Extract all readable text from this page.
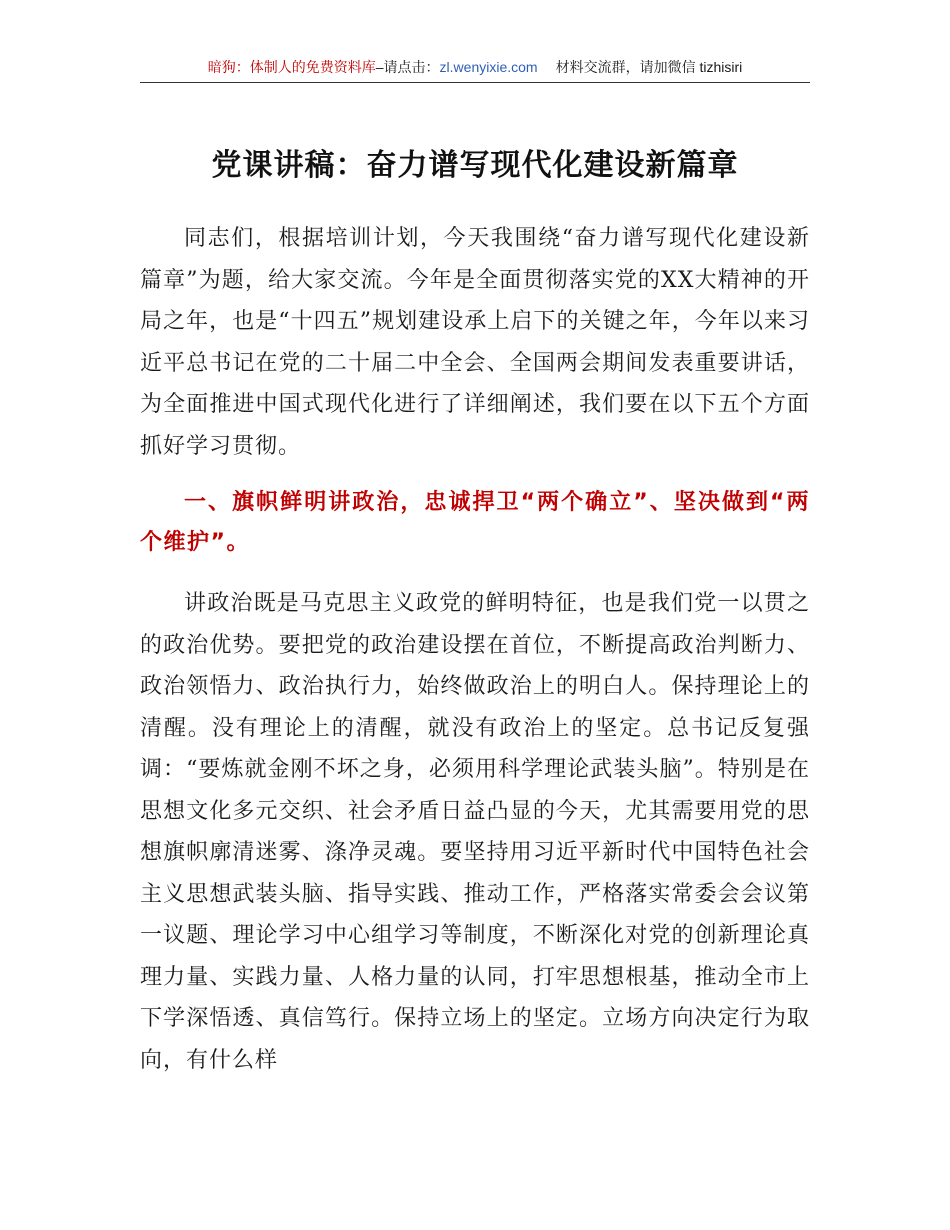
暗狗：体制人的免费资料库–请点击：zl.wenyixie.com 材料交流群，请加微信 tizhisiri
党课讲稿：奋力谱写现代化建设新篇章

同志们，根据培训计划，今天我围绕“奋力谱写现代化建设新篇章”为题，给大家交流。今年是全面贯彻落实党的XX大精神的开局之年，也是“十四五”规划建设承上启下的关键之年，今年以来习近平总书记在党的二十届二中全会、全国两会期间发表重要讲话，为全面推进中国式现代化进行了详细阐述，我们要在以下五个方面抓好学习贯彻。

一、旗帜鲜明讲政治，忠诚捍卫“两个确立”、坚决做到“两个维护”。

讲政治既是马克思主义政党的鲜明特征，也是我们党一以贯之的政治优势。要把党的政治建设摆在首位，不断提高政治判断力、政治领悟力、政治执行力，始终做政治上的明白人。保持理论上的清醒。没有理论上的清醒，就没有政治上的坚定。总书记反复强调：“要炼就金刚不坏之身，必须用科学理论武装头脑”。特别是在思想文化多元交织、社会矛盾日益凸显的今天，尤其需要用党的思想旗帜廓清迷雾、涤净灵魂。要坚持用习近平新时代中国特色社会主义思想武装头脑、指导实践、推动工作，严格落实常委会会议第一议题、理论学习中心组学习等制度，不断深化对党的创新理论真理力量、实践力量、人格力量的认同，打牢思想根基，推动全市上下学深悟透、真信笃行。保持立场上的坚定。立场方向决定行为取向，有什么样
